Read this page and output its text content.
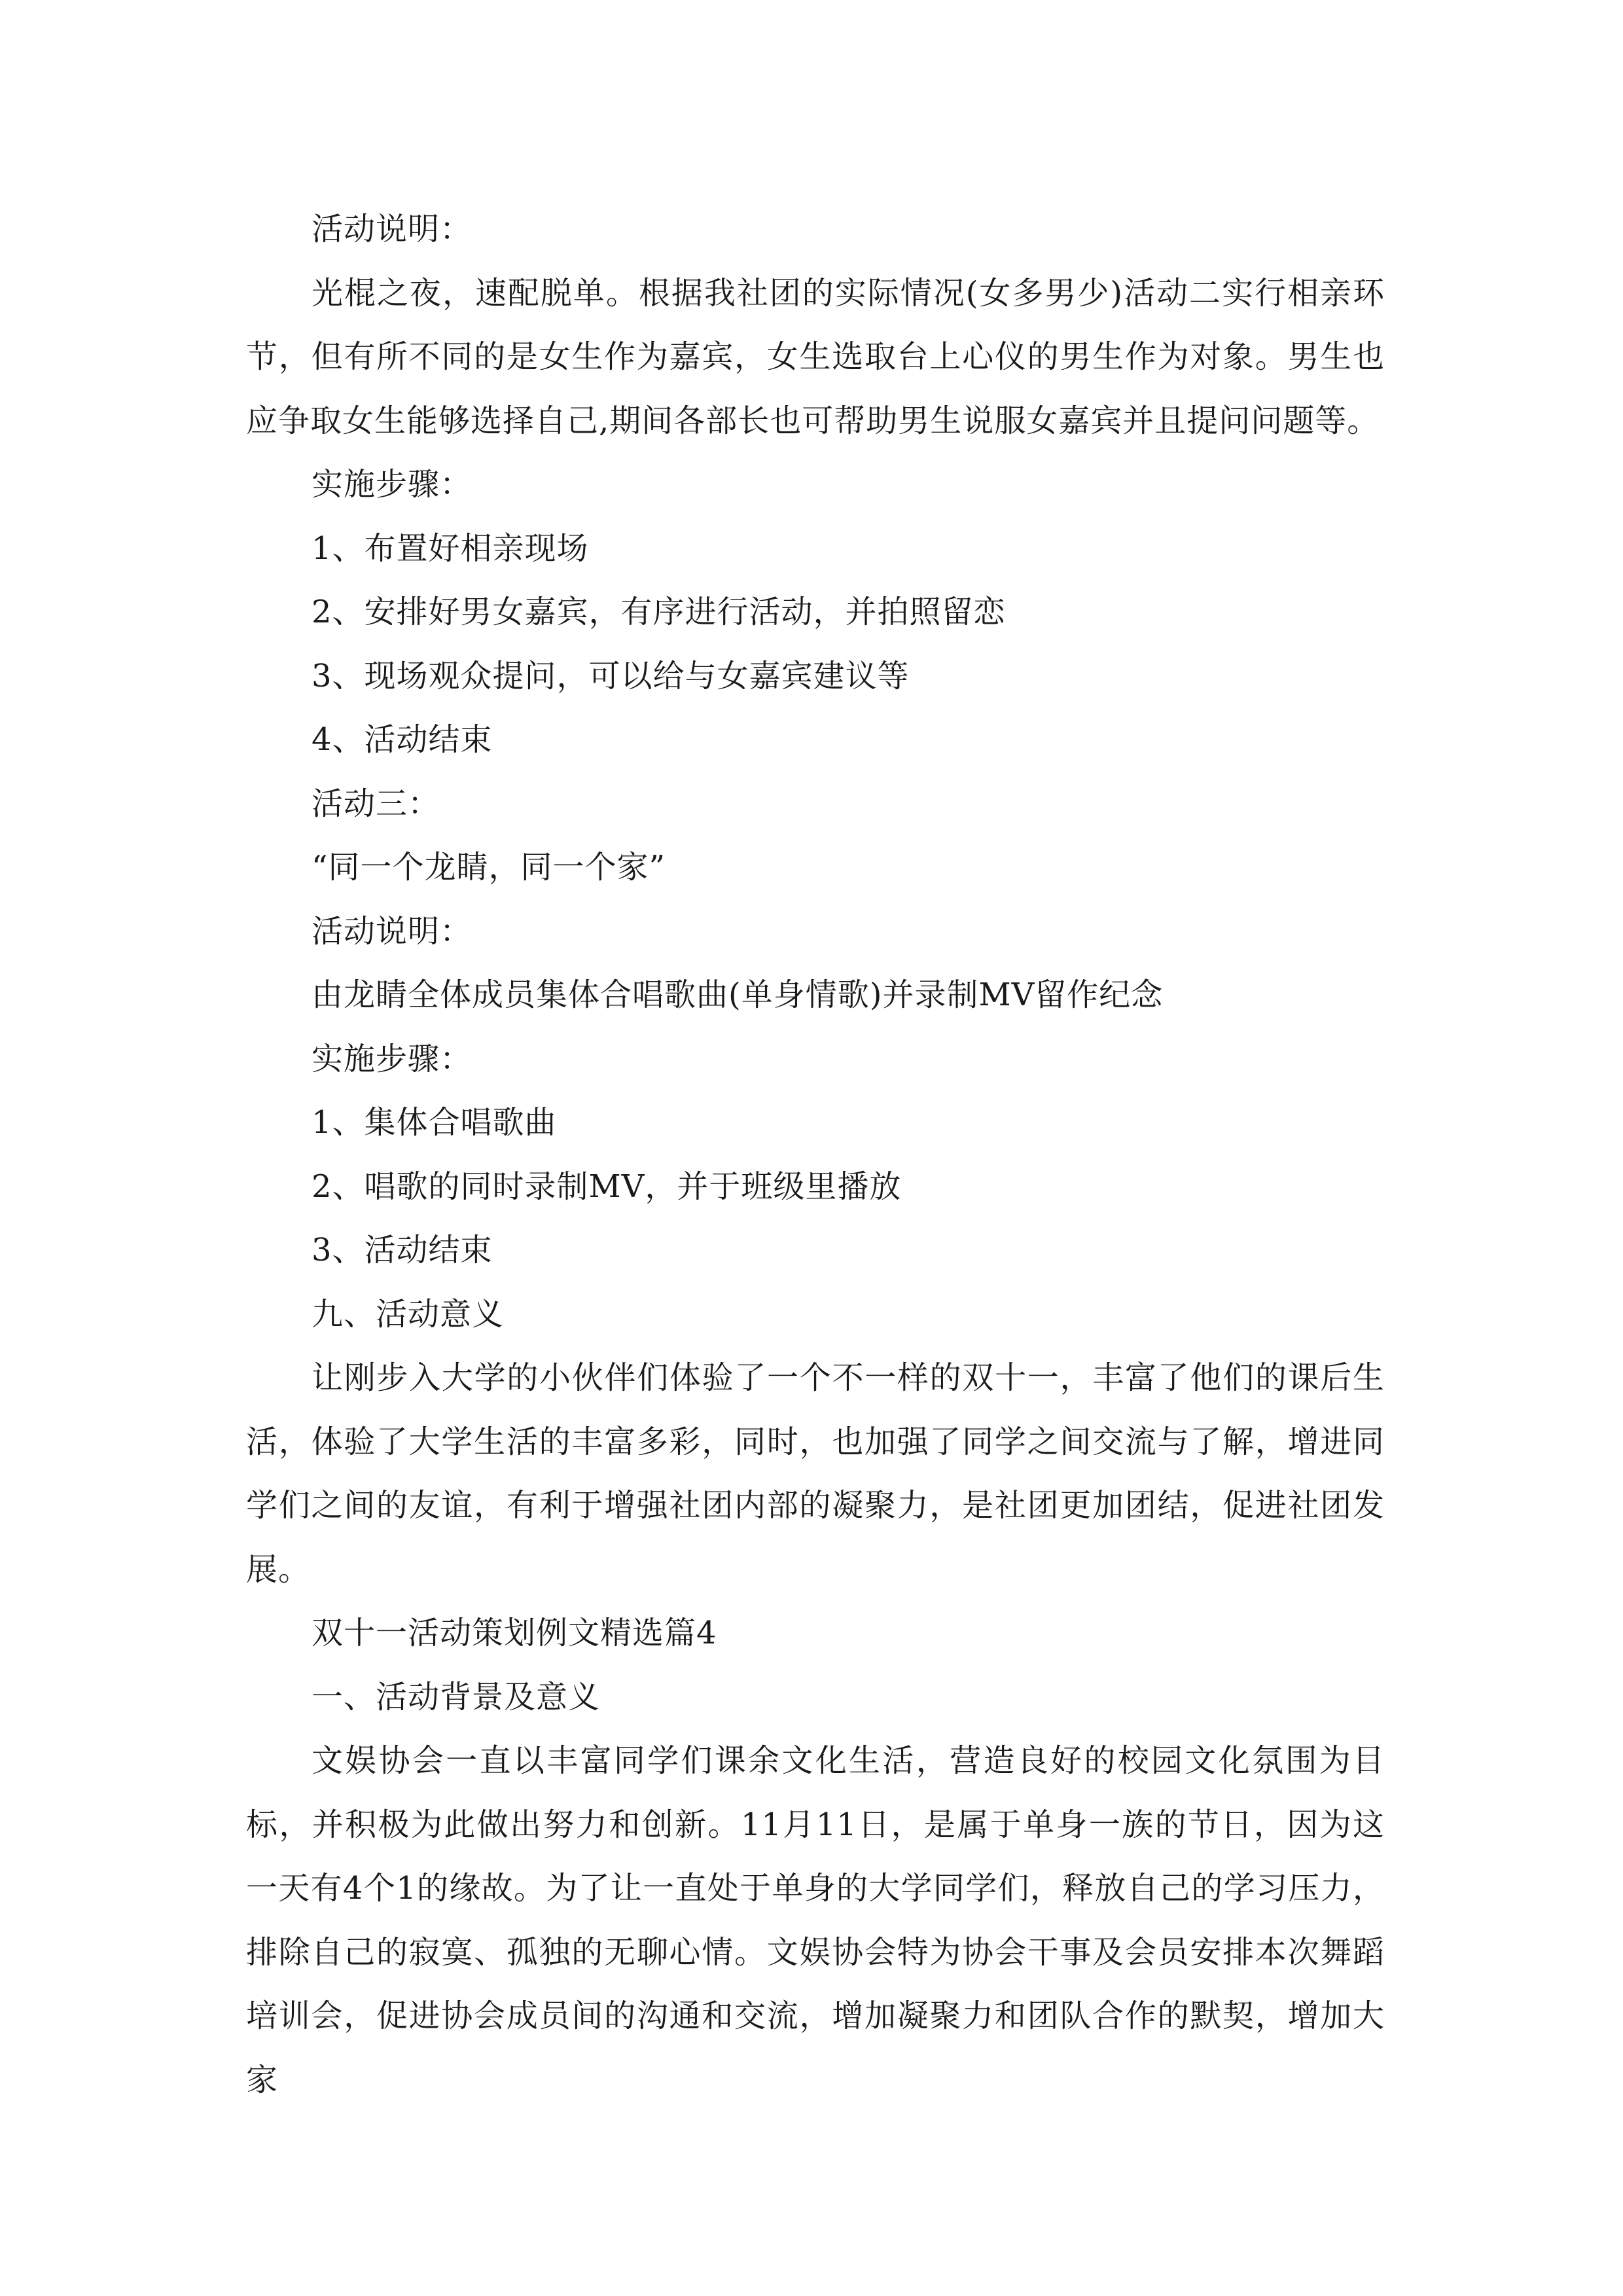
活动说明：

光棍之夜，速配脱单。根据我社团的实际情况(女多男少)活动二实行相亲环节，但有所不同的是女生作为嘉宾，女生选取台上心仪的男生作为对象。男生也应争取女生能够选择自己,期间各部长也可帮助男生说服女嘉宾并且提问问题等。

实施步骤：

1、布置好相亲现场

2、安排好男女嘉宾，有序进行活动，并拍照留恋

3、现场观众提问，可以给与女嘉宾建议等

4、活动结束

活动三：

“同一个龙睛，同一个家”

活动说明：

由龙睛全体成员集体合唱歌曲(单身情歌)并录制MV留作纪念

实施步骤：

1、集体合唱歌曲

2、唱歌的同时录制MV，并于班级里播放

3、活动结束

九、活动意义

让刚步入大学的小伙伴们体验了一个不一样的双十一，丰富了他们的课后生活，体验了大学生活的丰富多彩，同时，也加强了同学之间交流与了解，增进同学们之间的友谊，有利于增强社团内部的凝聚力，是社团更加团结，促进社团发展。

双十一活动策划例文精选篇4

一、活动背景及意义

文娱协会一直以丰富同学们课余文化生活，营造良好的校园文化氛围为目标，并积极为此做出努力和创新。11月11日，是属于单身一族的节日，因为这一天有4个1的缘故。为了让一直处于单身的大学同学们，释放自己的学习压力，排除自己的寂寞、孤独的无聊心情。文娱协会特为协会干事及会员安排本次舞蹈培训会，促进协会成员间的沟通和交流，增加凝聚力和团队合作的默契，增加大家
